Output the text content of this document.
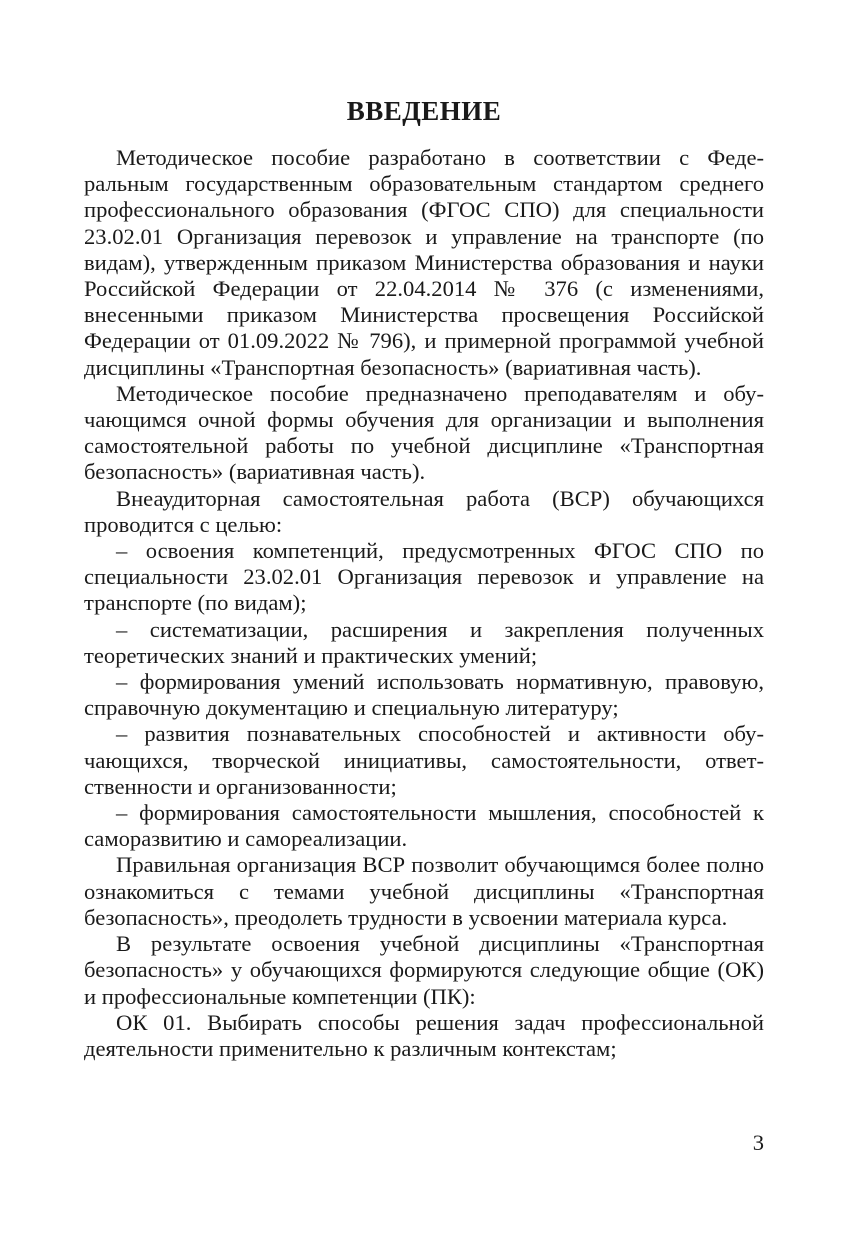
ВВЕДЕНИЕ

Методическое пособие разработано в соответствии с Федеральным государственным образовательным стандартом среднего профессионального образования (ФГОС СПО) для специальности 23.02.01 Организация перевозок и управление на транспорте (по видам), утвержденным приказом Министерства образования и науки Российской Федерации от 22.04.2014 № 376 (с изменениями, внесенными приказом Министерства просвещения Российской Федерации от 01.09.2022 № 796), и примерной программой учебной дисциплины «Транспортная безопасность» (вариативная часть).

Методическое пособие предназначено преподавателям и обучающимся очной формы обучения для организации и выполнения самостоятельной работы по учебной дисциплине «Транспортная безопасность» (вариативная часть).

Внеаудиторная самостоятельная работа (ВСР) обучающихся проводится с целью:

– освоения компетенций, предусмотренных ФГОС СПО по специальности 23.02.01 Организация перевозок и управление на транспорте (по видам);

– систематизации, расширения и закрепления полученных теоретических знаний и практических умений;

– формирования умений использовать нормативную, правовую, справочную документацию и специальную литературу;

– развития познавательных способностей и активности обучающихся, творческой инициативы, самостоятельности, ответственности и организованности;

– формирования самостоятельности мышления, способностей к саморазвитию и самореализации.

Правильная организация ВСР позволит обучающимся более полно ознакомиться с темами учебной дисциплины «Транспортная безопасность», преодолеть трудности в усвоении материала курса.

В результате освоения учебной дисциплины «Транспортная безопасность» у обучающихся формируются следующие общие (ОК) и профессиональные компетенции (ПК):

ОК 01. Выбирать способы решения задач профессиональной деятельности применительно к различным контекстам;

3
